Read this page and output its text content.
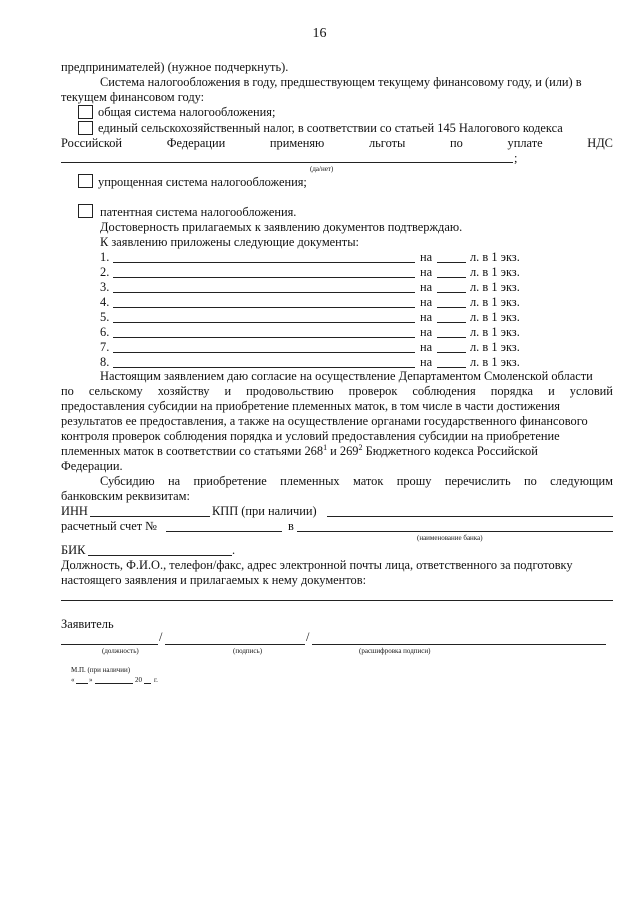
16
предпринимателей) (нужное подчеркнуть).
Система налогообложения в году, предшествующем текущему финансовому году, и (или) в
текущем финансовом году:
общая система налогообложения;
единый сельскохозяйственный налог, в соответствии со статьей 145 Налогового кодекса
Российской	Федерации	применяю	льготы	по	уплате	НДС
;
(да/нет)
упрощенная система налогообложения;
патентная система налогообложения.
Достоверность прилагаемых к заявлению документов подтверждаю.
К заявлению приложены следующие документы:
1.	на	л. в 1 экз.
2.	на	л. в 1 экз.
3.	на	л. в 1 экз.
4.	на	л. в 1 экз.
5.	на	л. в 1 экз.
6.	на	л. в 1 экз.
7.	на	л. в 1 экз.
8.	на	л. в 1 экз.
Настоящим заявлением даю согласие на осуществление Департаментом Смоленской области
по сельскому хозяйству и продовольствию проверок соблюдения порядка и условий
предоставления субсидии на приобретение племенных маток, в том числе в части достижения
результатов ее предоставления, а также на осуществление органами государственного финансового
контроля проверок соблюдения порядка и условий предоставления субсидии на приобретение
племенных маток в соответствии со статьями $268^1$ и $269^2$ Бюджетного кодекса Российской
Федерации.
Субсидию на приобретение племенных маток прошу перечислить по следующим
банковским реквизитам:
ИНН	КПП (при наличии)
расчетный счет №	в
(наименование банка)
БИК	.
Должность, Ф.И.О., телефон/факс, адрес электронной почты лица, ответственного за подготовку
настоящего заявления и прилагаемых к нему документов:
Заявитель
/	/
(должность)	(подпись)	(расшифровка подписи)
М.П. (при наличии)
« »	20 г.
